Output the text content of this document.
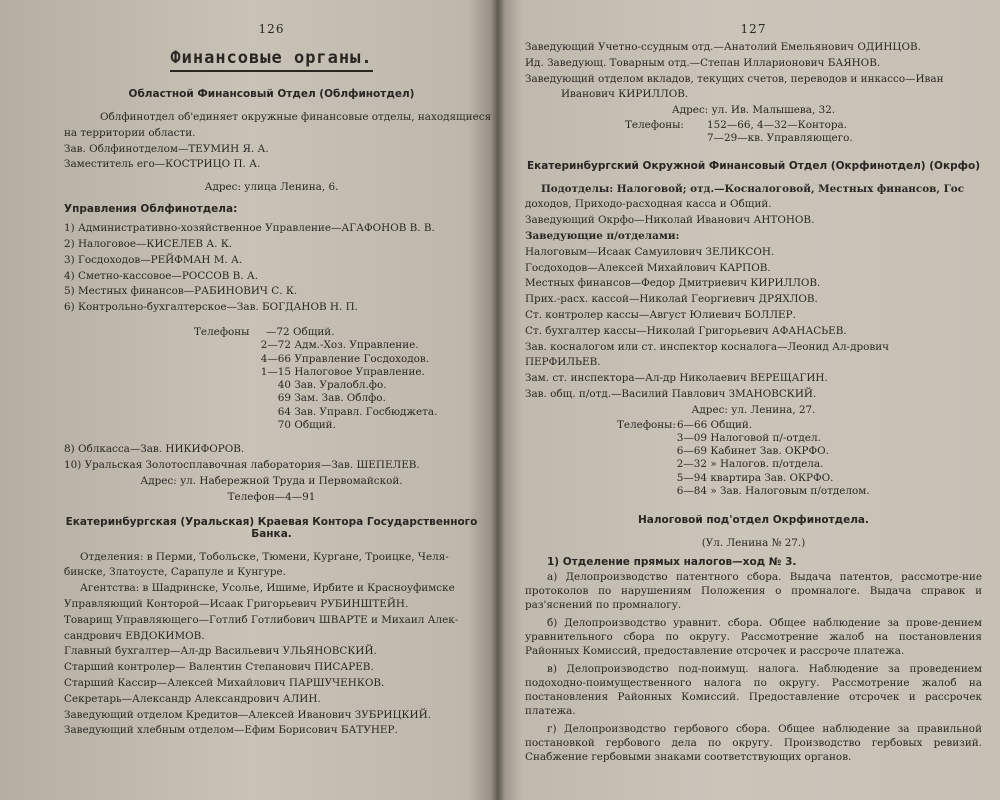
126
Финансовые органы.
Областной Финансовый Отдел (Облфинотдел)
Облфинотдел об'единяет окружные финансовые отделы, находящиеся
на территории области.
Зав. Облфинотделом—ТЕУМИН Я. А.
Заместитель его—КОСТРИЦО П. А.
Адрес: улица Ленина, 6.
Управления Облфинотдела:
1) Административно-хозяйственное Управление—АГАФОНОВ В. В.
2) Налоговое—КИСЕЛЕВ А. К.
3) Госдоходов—РЕЙФМАН М. А.
4) Сметно-кассовое—РОССОВ В. А.
5) Местных финансов—РАБИНОВИЧ С. К.
6) Контрольно-бухгалтерское—Зав. БОГДАНОВ Н. П.
Телефоны	—72
Общий.
2—72
Адм.-Хоз. Управление.
4—66
Управление Госдоходов.
1—15
Налоговое Управление.
40
Зав. Уралобл.фо.
69
Зам. Зав. Облфо.
64
Зав. Управл. Госбюджета.
70
Общий.
8) Облкасса—Зав. НИКИФОРОВ.
10) Уральская Золотосплавочная лаборатория—Зав. ШЕПЕЛЕВ.
Адрес: ул. Набережной Труда и Первомайской.
Телефон—4—91
Екатеринбургская (Уральская) Краевая Контора Государственного Банка.
Отделения: в Перми, Тобольске, Тюмени, Кургане, Троицке, Челя-
бинске, Златоусте, Сарапуле и Кунгуре.
Агентства: в Шадринске, Усолье, Ишиме, Ирбите и Красноуфимске
Управляющий Конторой—Исаак Григорьевич РУБИНШТЕЙН.
Товарищ Управляющего—Готлиб Готлибович ШВАРТЕ и Михаил Алек-
сандрович ЕВДОКИМОВ.
Главный бухгалтер—Ал-др Васильевич УЛЬЯНОВСКИЙ.
Старший контролер— Валентин Степанович ПИСАРЕВ.
Старший Кассир—Алексей Михайлович ПАРШУЧЕНКОВ.
Секретарь—Александр Александрович АЛИН.
Заведующий отделом Кредитов—Алексей Иванович ЗУБРИЦКИЙ.
Заведующий хлебным отделом—Ефим Борисович БАТУНЕР.
127
Заведующий Учетно-ссудным отд.—Анатолий Емельянович ОДИНЦОВ.
Ид. Заведующ. Товарным отд.—Степан Илларионович БАЯНОВ.
Заведующий отделом вкладов, текущих счетов, переводов и инкассо—Иван
Иванович КИРИЛЛОВ.
Адрес: ул. Ив. Малышева, 32.
Телефоны:	152—66, 4—32—Контора.
7—29—кв. Управляющего.
Екатеринбургский Окружной Финансовый Отдел (Окрфинотдел) (Окрфо)
Подотделы: Налоговой; отд.—Косналоговой, Местных финансов, Гос
доходов, Приходо-расходная касса и Общий.
Заведующий Окрфо—Николай Иванович АНТОНОВ.
Заведующие п/отделами:
Налоговым—Исаак Самуилович ЗЕЛИКСОН.
Госдоходов—Алексей Михайлович КАРПОВ.
Местных финансов—Федор Дмитриевич КИРИЛЛОВ.
Прих.-расх. кассой—Николай Георгиевич ДРЯХЛОВ.
Ст. контролер кассы—Август Юлиевич БОЛЛЕР.
Ст. бухгалтер кассы—Николай Григорьевич АФАНАСЬЕВ.
Зав. косналогом или ст. инспектор косналога—Леонид Ал-дрович
ПЕРФИЛЬЕВ.
Зам. ст. инспектора—Ал-др Николаевич ВЕРЕЩАГИН.
Зав. общ. п/отд.—Василий Павлович ЗМАНОВСКИЙ.
Адрес: ул. Ленина, 27.
Телефоны: 6—66
Общий.
3—09
Налоговой п/-отдел.
6—69
Кабинет Зав. ОКРФО.
2—32
» Налогов. п/отдела.
5—94
квартира Зав. ОКРФО.
6—84
» Зав. Налоговым п/отделом.
Налоговой под'отдел Окрфинотдела.
(Ул. Ленина № 27.)
1) Отделение прямых налогов—ход № 3.
а) Делопроизводство патентного сбора. Выдача патентов, рассмотре-ние протоколов по нарушениям Положения о промналоге. Выдача справок и раз'яснений по промналогу.
б) Делопроизводство уравнит. сбора. Общее наблюдение за прове-дением уравнительного сбора по округу. Рассмотрение жалоб на постановления Районных Комиссий, предоставление отсрочек и рассроче платежа.
в) Делопроизводство под-поимущ. налога. Наблюдение за проведением подоходно-поимущественного налога по округу. Рассмотрение жалоб на постановления Районных Комиссий. Предоставление отсрочек и рассрочек платежа.
г) Делопроизводство гербового сбора. Общее наблюдение за правильной постановкой гербового дела по округу. Производство гербовых ревизий. Снабжение гербовыми знаками соответствующих органов.
